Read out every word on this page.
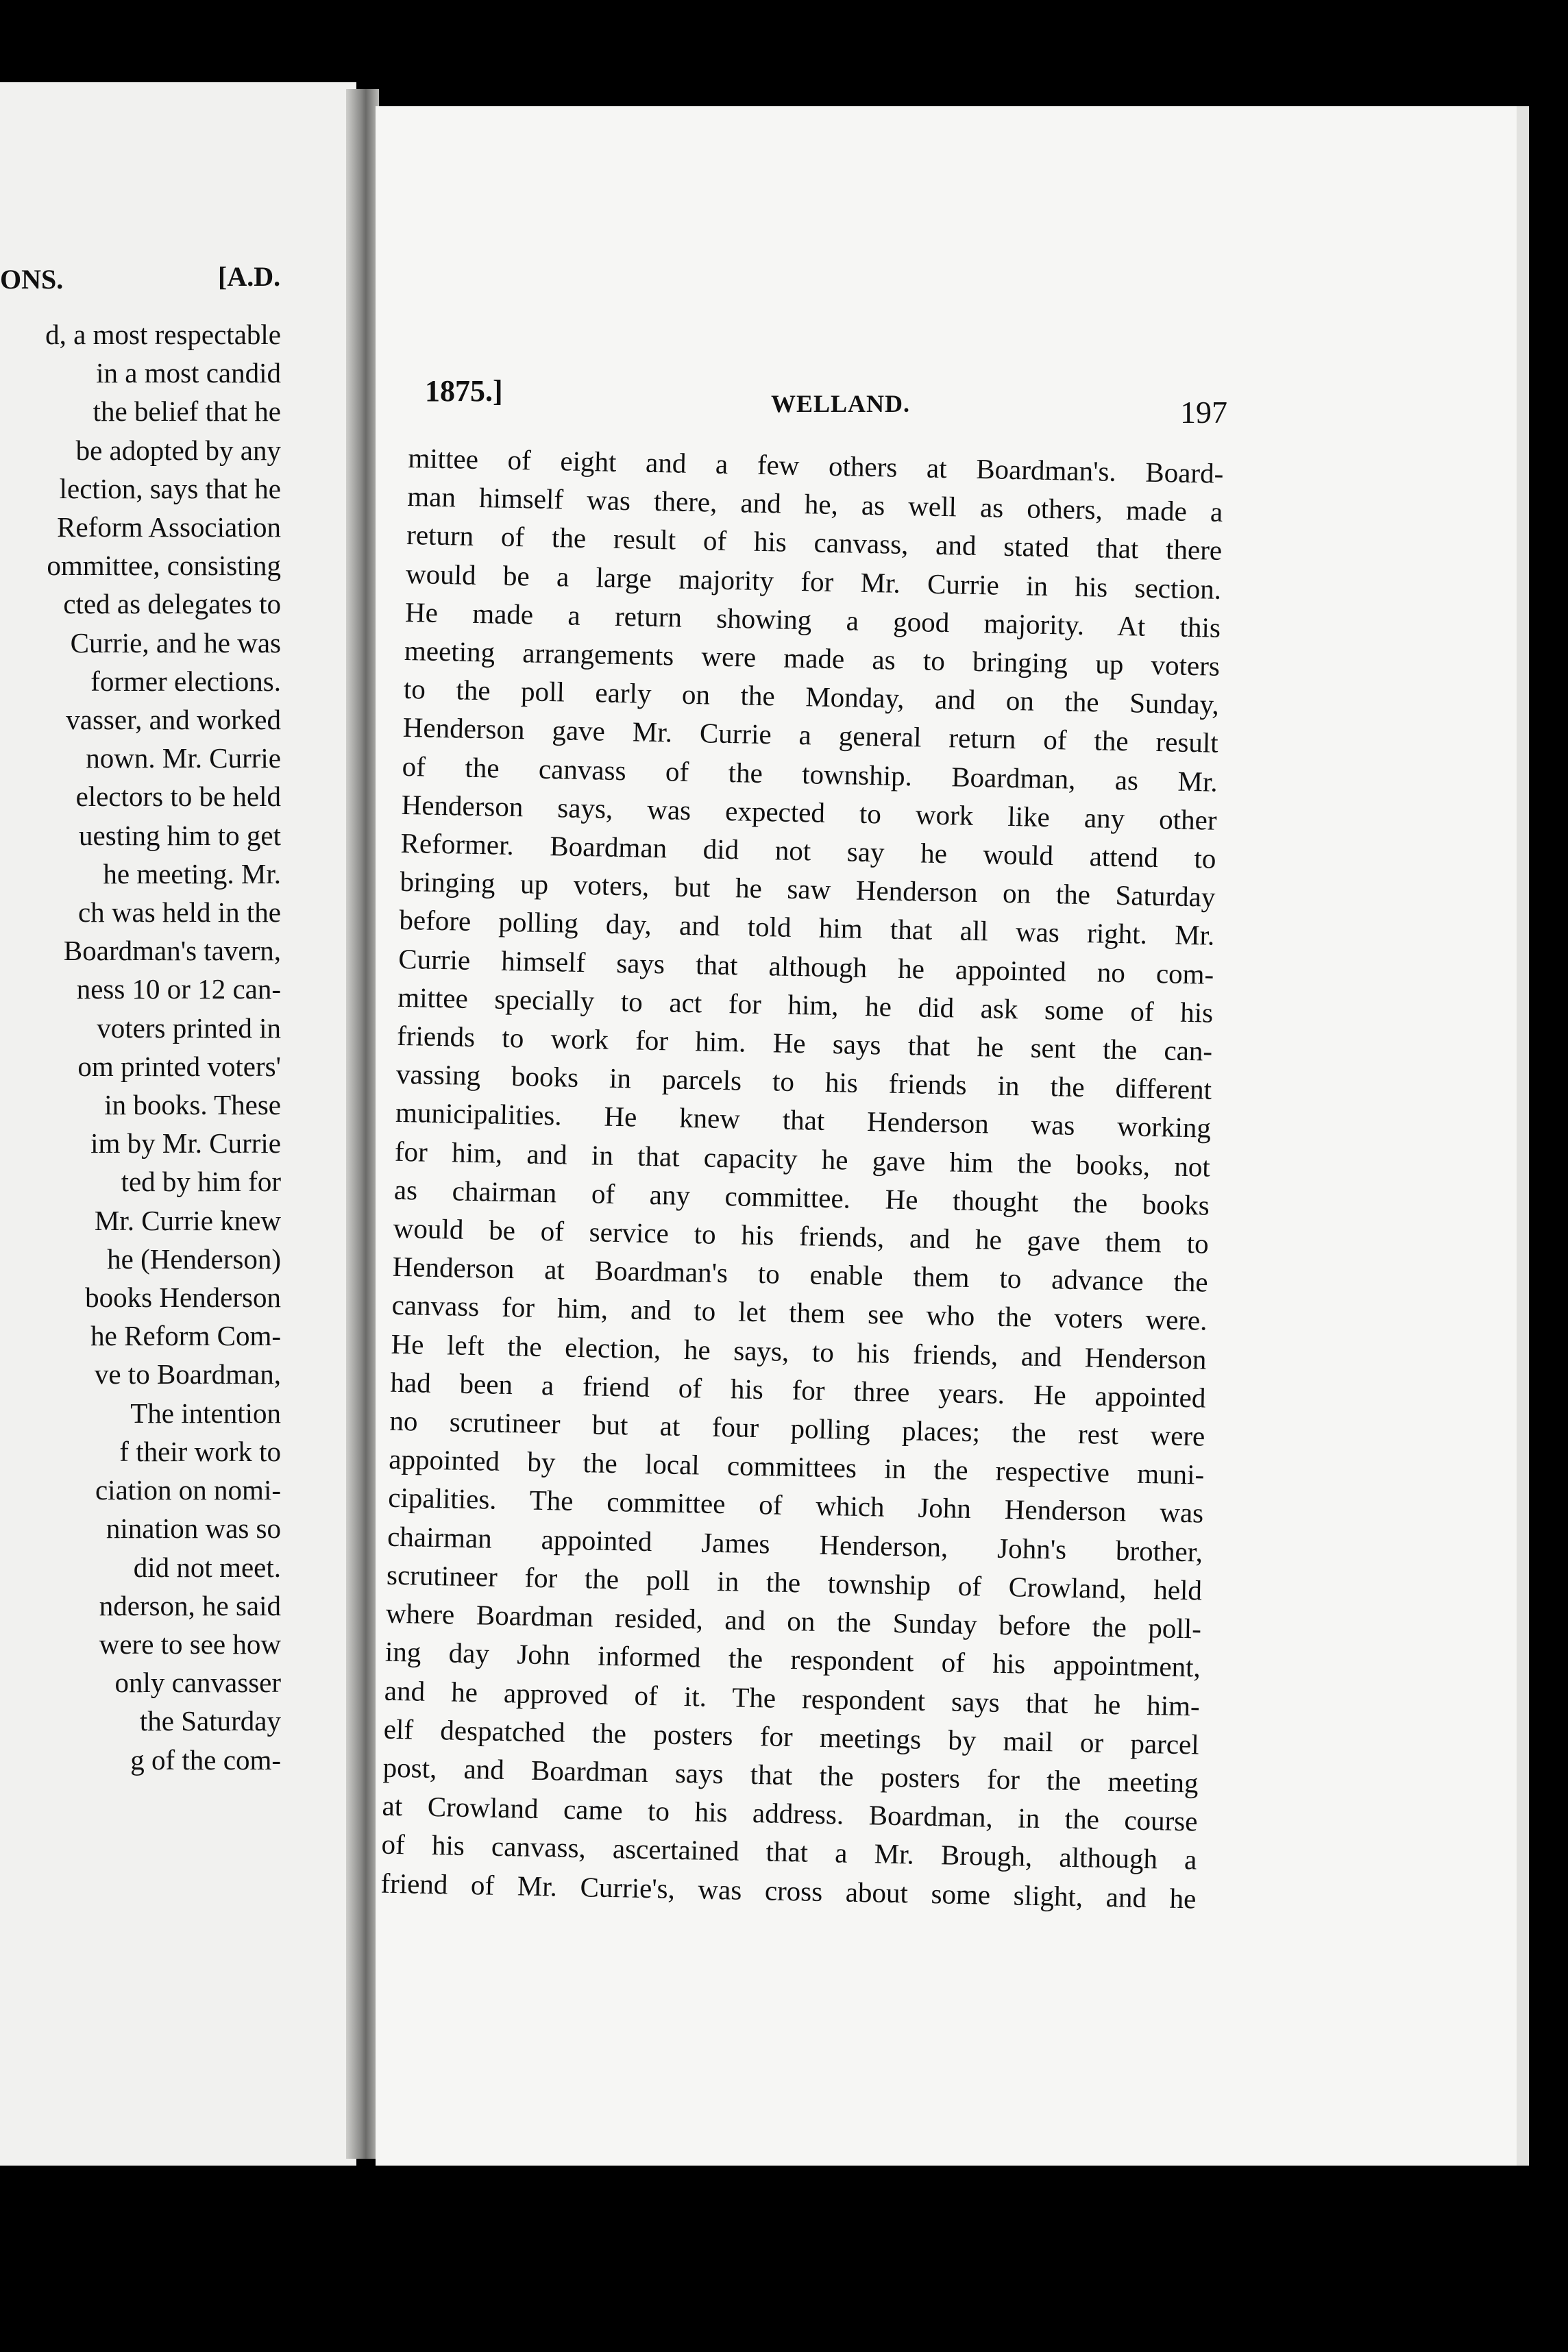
ONS.	[A.D.
d, a most respectable
in a most candid
the belief that he
be adopted by any
lection, says that he
Reform Association
ommittee, consisting
cted as delegates to
Currie, and he was
former elections.
vasser, and worked
nown. Mr. Currie
electors to be held
uesting him to get
he meeting. Mr.
ch was held in the
Boardman's tavern,
ness 10 or 12 can-
voters printed in
om printed voters'
in books. These
im by Mr. Currie
ted by him for
Mr. Currie knew
he (Henderson)
books Henderson
he Reform Com-
ve to Boardman,
The intention
f their work to
ciation on nomi-
nination was so
did not meet.
nderson, he said
were to see how
only canvasser
the Saturday
g of the com-
1875.]	WELLAND.	197
mittee of eight and a few others at Boardman's. Board-
man himself was there, and he, as well as others, made a
return of the result of his canvass, and stated that there
would be a large majority for Mr. Currie in his section.
He made a return showing a good majority. At this
meeting arrangements were made as to bringing up voters
to the poll early on the Monday, and on the Sunday,
Henderson gave Mr. Currie a general return of the result
of the canvass of the township. Boardman, as Mr.
Henderson says, was expected to work like any other
Reformer. Boardman did not say he would attend to
bringing up voters, but he saw Henderson on the Saturday
before polling day, and told him that all was right. Mr.
Currie himself says that although he appointed no com-
mittee specially to act for him, he did ask some of his
friends to work for him. He says that he sent the can-
vassing books in parcels to his friends in the different
municipalities. He knew that Henderson was working
for him, and in that capacity he gave him the books, not
as chairman of any committee. He thought the books
would be of service to his friends, and he gave them to
Henderson at Boardman's to enable them to advance the
canvass for him, and to let them see who the voters were.
He left the election, he says, to his friends, and Henderson
had been a friend of his for three years. He appointed
no scrutineer but at four polling places; the rest were
appointed by the local committees in the respective muni-
cipalities. The committee of which John Henderson was
chairman appointed James Henderson, John's brother,
scrutineer for the poll in the township of Crowland, held
where Boardman resided, and on the Sunday before the poll-
ing day John informed the respondent of his appointment,
and he approved of it. The respondent says that he him-
elf despatched the posters for meetings by mail or parcel
post, and Boardman says that the posters for the meeting
at Crowland came to his address. Boardman, in the course
of his canvass, ascertained that a Mr. Brough, although a
friend of Mr. Currie's, was cross about some slight, and he
